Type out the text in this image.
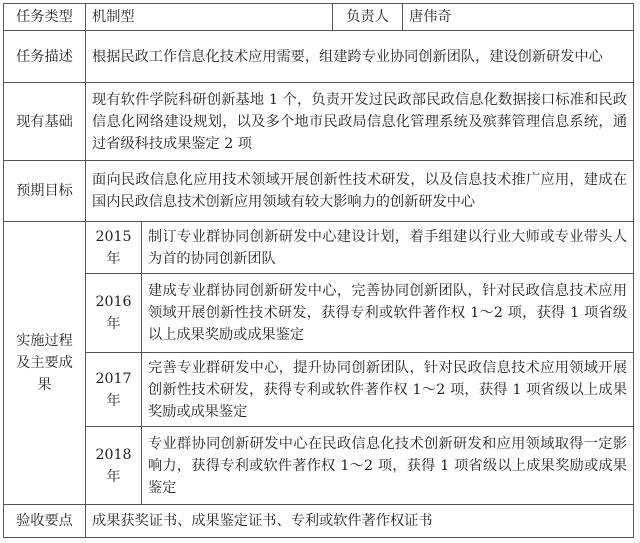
任务类型	机制型		负责人	唐伟奇
任务描述	根据民政工作信息化技术应用需要，组建跨专业协同创新团队，建设创新研发中心			
现有基础	现有软件学院科研创新基地 1 个，负责开发过民政部民政信息化数据接口标准和民政信息化网络建设规划，以及多个地市民政局信息化管理系统及殡葬管理信息系统，通过省级科技成果鉴定 2 项			
预期目标	面向民政信息化应用技术领域开展创新性技术研发，以及信息技术推广应用，建成在国内民政信息技术创新应用领域有较大影响力的创新研发中心			
实施过程及主要成果	2015 年	制订专业群协同创新研发中心建设计划，着手组建以行业大师或专业带头人为首的协同创新团队		
	2016 年	建成专业群协同创新研发中心，完善协同创新团队，针对民政信息技术应用领域开展创新性技术研发，获得专利或软件著作权 1～2 项，获得 1 项省级以上成果奖励或成果鉴定		
	2017 年	完善专业群研发中心，提升协同创新团队，针对民政信息技术应用领域开展创新性技术研发，获得专利或软件著作权 1～2 项，获得 1 项省级以上成果奖励或成果鉴定		
	2018 年	专业群协同创新研发中心在民政信息化技术创新研发和应用领域取得一定影响力，获得专利或软件著作权 1～2 项，获得 1 项省级以上成果奖励或成果鉴定		
验收要点	成果获奖证书、成果鉴定证书、专利或软件著作权证书			
